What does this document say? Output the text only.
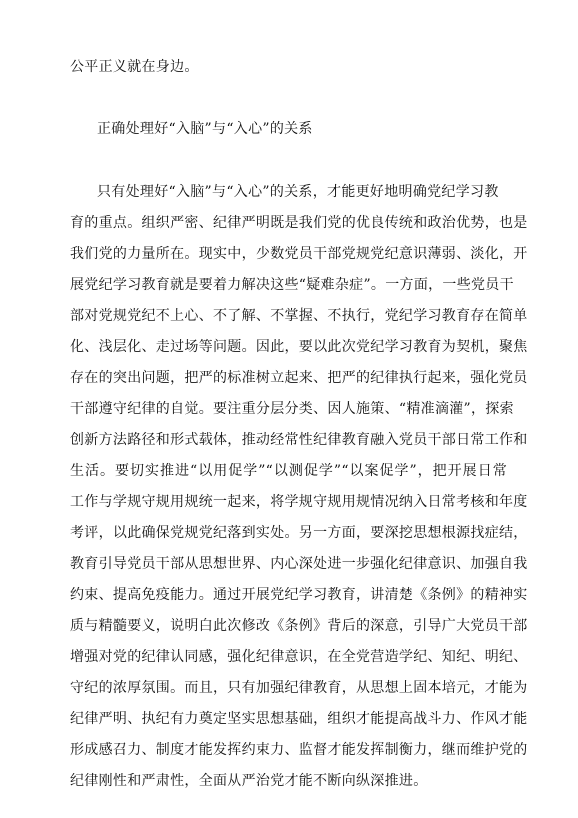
公平正义就在身边。
正确处理好“入脑”与“入心”的关系
只有处理好“入脑”与“入心”的关系，才能更好地明确党纪学习教
育的重点。组织严密、纪律严明既是我们党的优良传统和政治优势，也是
我们党的力量所在。现实中，少数党员干部党规党纪意识薄弱、淡化，开
展党纪学习教育就是要着力解决这些“疑难杂症”。一方面，一些党员干
部对党规党纪不上心、不了解、不掌握、不执行，党纪学习教育存在简单
化、浅层化、走过场等问题。因此，要以此次党纪学习教育为契机，聚焦
存在的突出问题，把严的标准树立起来、把严的纪律执行起来，强化党员
干部遵守纪律的自觉。要注重分层分类、因人施策、“精准滴灌”，探索
创新方法路径和形式载体，推动经常性纪律教育融入党员干部日常工作和
生活。要切实推进“以用促学”“以测促学”“以案促学”，把开展日常
工作与学规守规用规统一起来，将学规守规用规情况纳入日常考核和年度
考评，以此确保党规党纪落到实处。另一方面，要深挖思想根源找症结，
教育引导党员干部从思想世界、内心深处进一步强化纪律意识、加强自我
约束、提高免疫能力。通过开展党纪学习教育，讲清楚《条例》的精神实
质与精髓要义，说明白此次修改《条例》背后的深意，引导广大党员干部
增强对党的纪律认同感，强化纪律意识，在全党营造学纪、知纪、明纪、
守纪的浓厚氛围。而且，只有加强纪律教育，从思想上固本培元，才能为
纪律严明、执纪有力奠定坚实思想基础，组织才能提高战斗力、作风才能
形成感召力、制度才能发挥约束力、监督才能发挥制衡力，继而维护党的
纪律刚性和严肃性，全面从严治党才能不断向纵深推进。
